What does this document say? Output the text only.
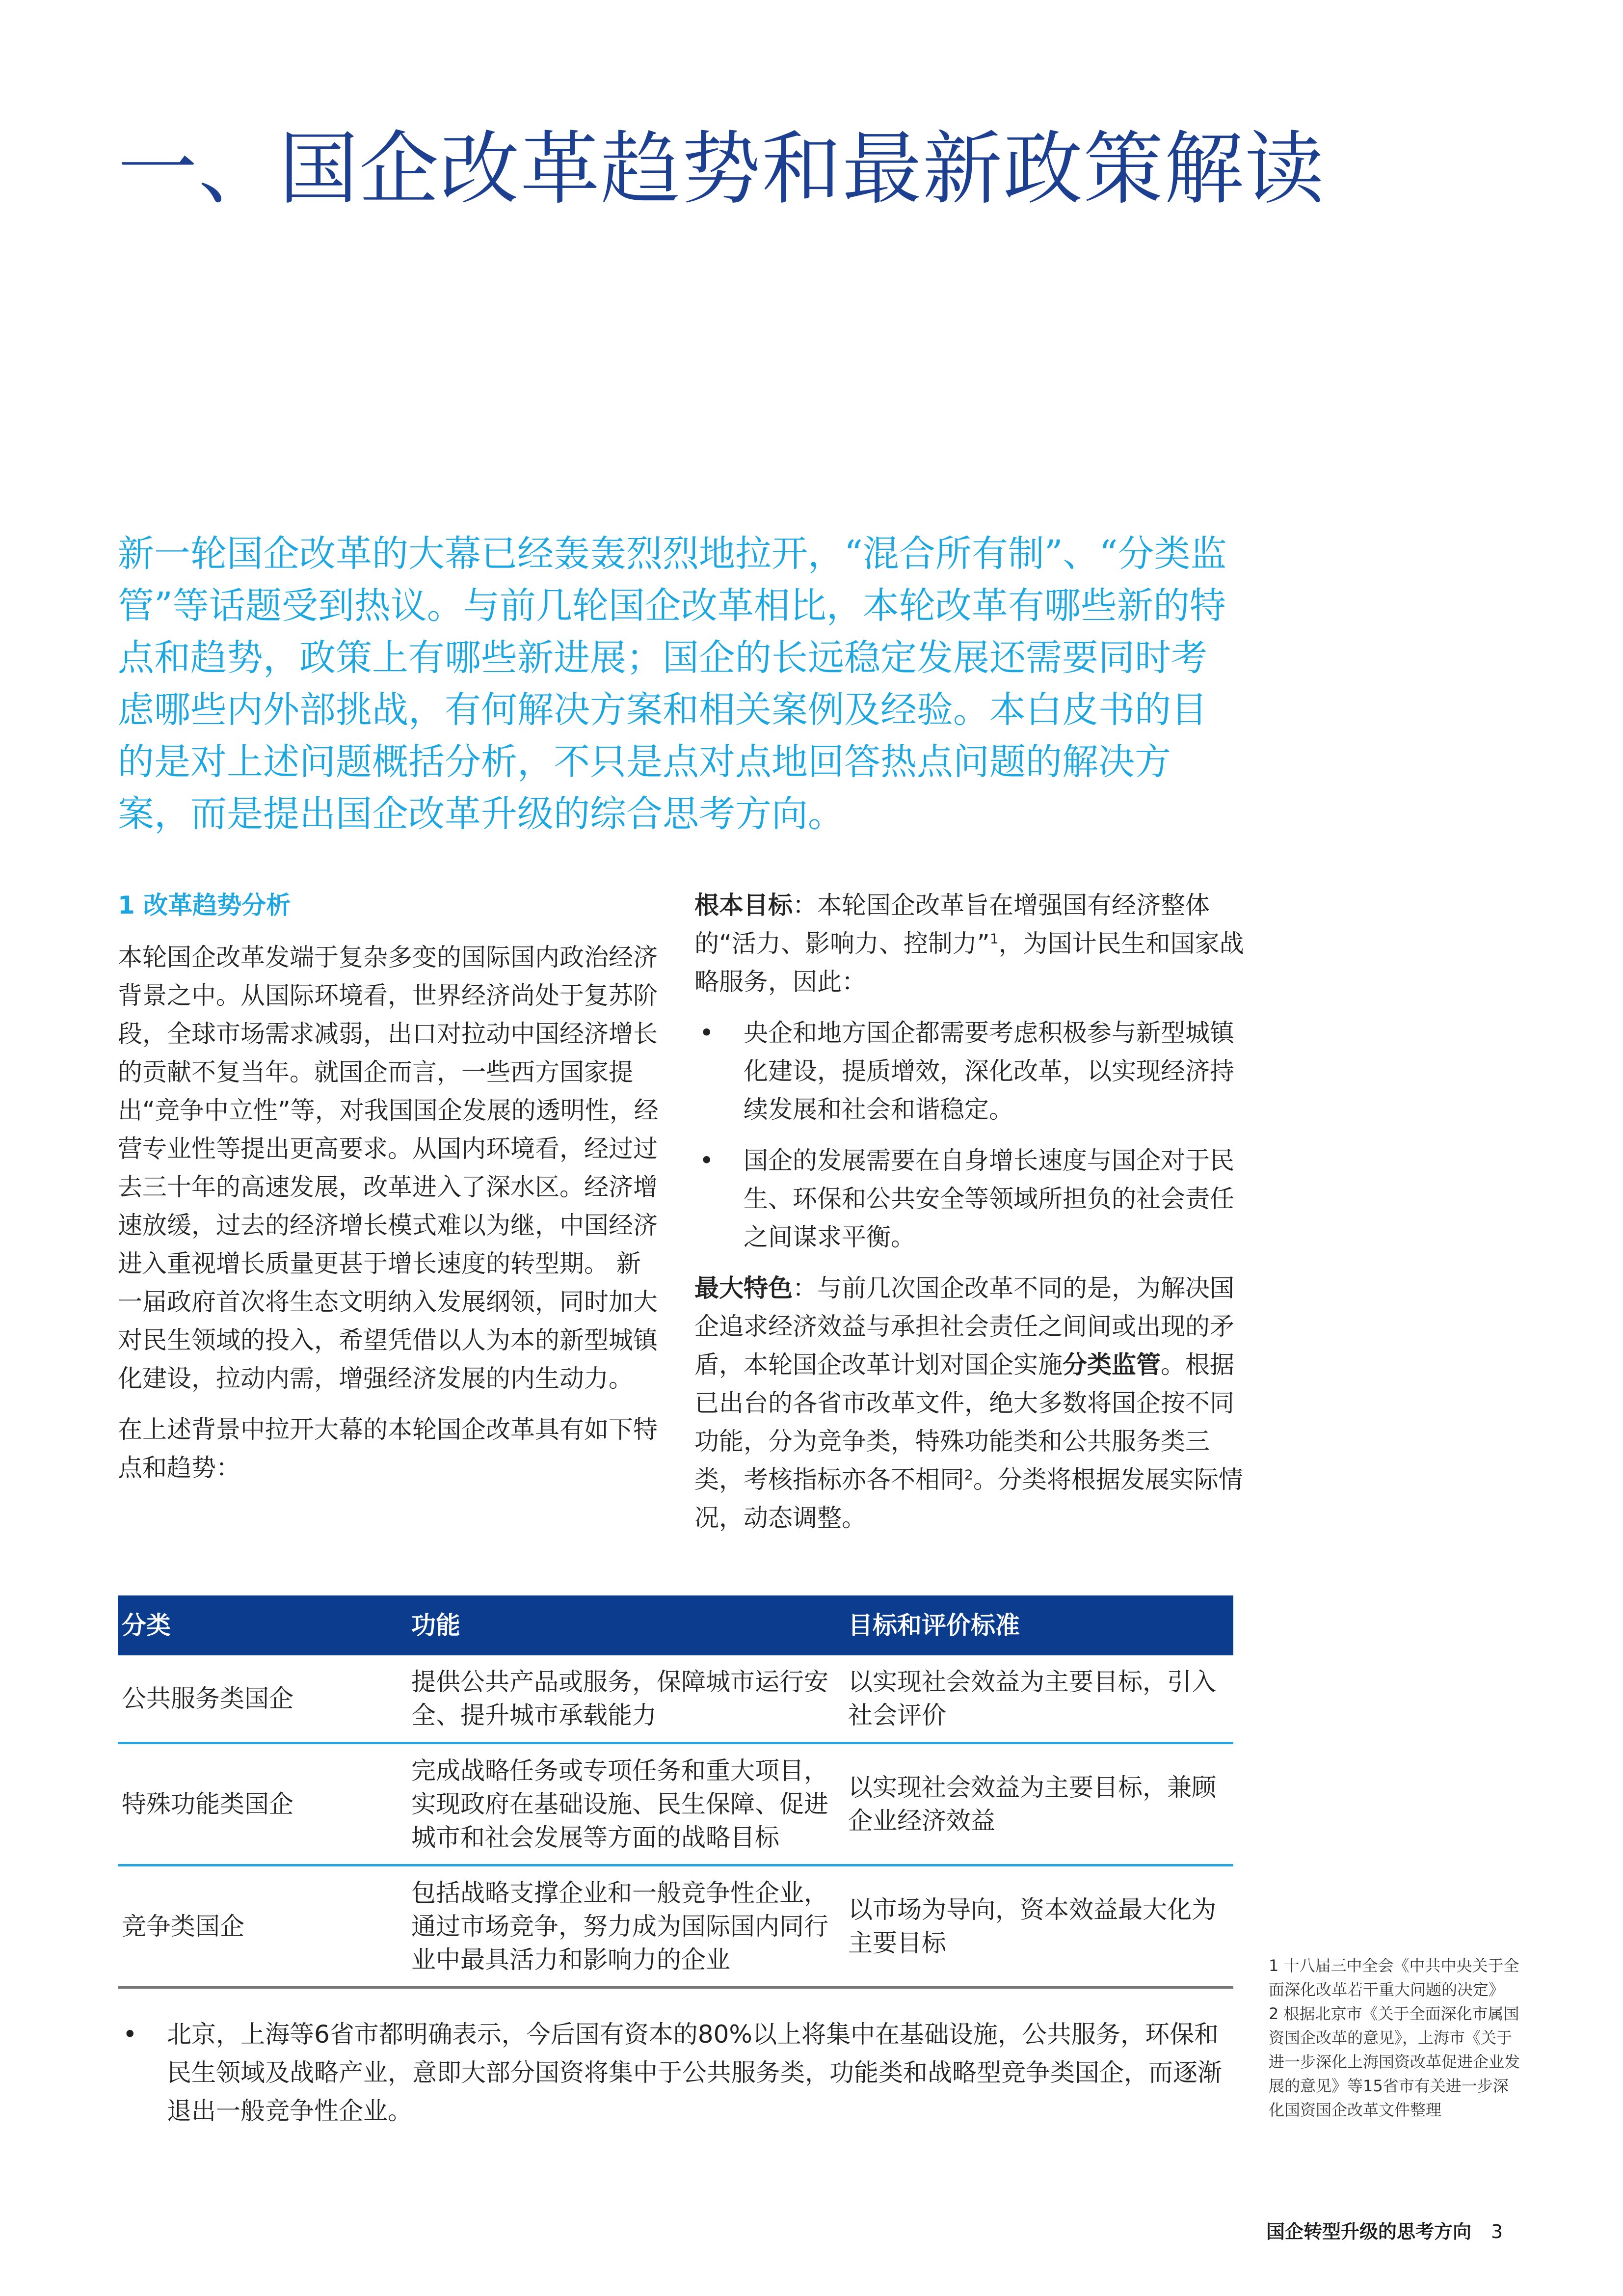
一、国企改革趋势和最新政策解读

新一轮国企改革的大幕已经轰轰烈烈地拉开，“混合所有制”、“分类监管”等话题受到热议。与前几轮国企改革相比，本轮改革有哪些新的特点和趋势，政策上有哪些新进展；国企的长远稳定发展还需要同时考虑哪些内外部挑战，有何解决方案和相关案例及经验。本白皮书的目的是对上述问题概括分析，不只是点对点地回答热点问题的解决方案，而是提出国企改革升级的综合思考方向。

1 改革趋势分析

本轮国企改革发端于复杂多变的国际国内政治经济背景之中。从国际环境看，世界经济尚处于复苏阶段，全球市场需求减弱，出口对拉动中国经济增长的贡献不复当年。就国企而言，一些西方国家提出“竞争中立性”等，对我国国企发展的透明性，经营专业性等提出更高要求。从国内环境看，经过过去三十年的高速发展，改革进入了深水区。经济增速放缓，过去的经济增长模式难以为继，中国经济进入重视增长质量更甚于增长速度的转型期。 新一届政府首次将生态文明纳入发展纲领，同时加大对民生领域的投入，希望凭借以人为本的新型城镇化建设，拉动内需，增强经济发展的内生动力。

在上述背景中拉开大幕的本轮国企改革具有如下特点和趋势：

根本目标：本轮国企改革旨在增强国有经济整体的“活力、影响力、控制力”$^1$，为国计民生和国家战略服务，因此：

• 央企和地方国企都需要考虑积极参与新型城镇化建设，提质增效，深化改革，以实现经济持续发展和社会和谐稳定。
• 国企的发展需要在自身增长速度与国企对于民生、环保和公共安全等领域所担负的社会责任之间谋求平衡。

最大特色：与前几次国企改革不同的是，为解决国企追求经济效益与承担社会责任之间间或出现的矛盾，本轮国企改革计划对国企实施分类监管。根据已出台的各省市改革文件，绝大多数将国企按不同功能，分为竞争类，特殊功能类和公共服务类三类，考核指标亦各不相同$^2$。分类将根据发展实际情况，动态调整。

分类	功能	目标和评价标准
公共服务类国企	提供公共产品或服务，保障城市运行安全、提升城市承载能力	以实现社会效益为主要目标，引入社会评价
特殊功能类国企	完成战略任务或专项任务和重大项目，实现政府在基础设施、民生保障、促进城市和社会发展等方面的战略目标	以实现社会效益为主要目标，兼顾企业经济效益
竞争类国企	包括战略支撑企业和一般竞争性企业，通过市场竞争，努力成为国际国内同行业中最具活力和影响力的企业	以市场为导向，资本效益最大化为主要目标
• 北京，上海等6省市都明确表示，今后国有资本的80%以上将集中在基础设施，公共服务，环保和民生领域及战略产业，意即大部分国资将集中于公共服务类，功能类和战略型竞争类国企，而逐渐退出一般竞争性企业。

1 十八届三中全会《中共中央关于全面深化改革若干重大问题的决定》

2 根据北京市《关于全面深化市属国资国企改革的意见》，上海市《关于进一步深化上海国资改革促进企业发展的意见》等15省市有关进一步深化国资国企改革文件整理

国企转型升级的思考方向 3
